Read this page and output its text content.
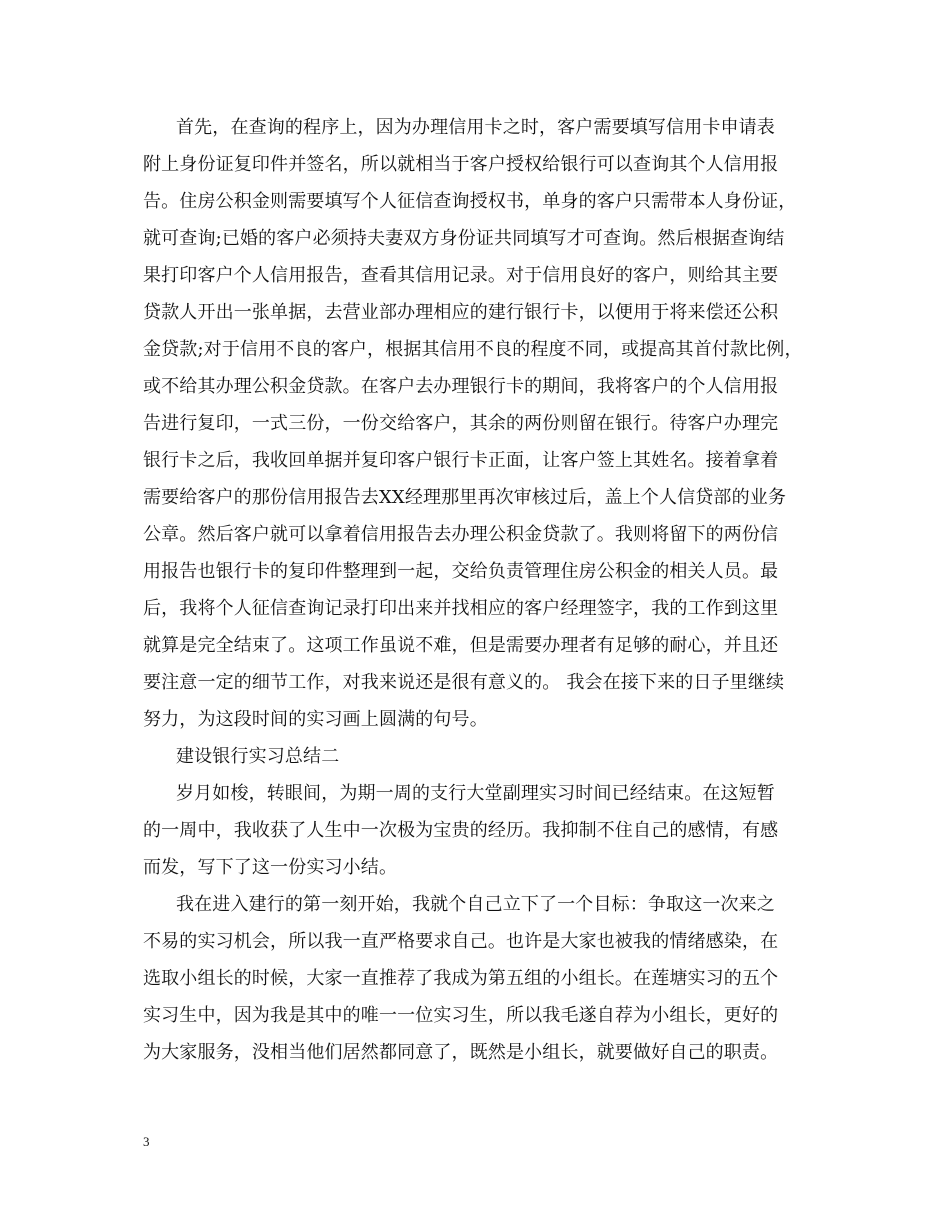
首先，在查询的程序上，因为办理信用卡之时，客户需要填写信用卡申请表
附上身份证复印件并签名，所以就相当于客户授权给银行可以查询其个人信用报
告。住房公积金则需要填写个人征信查询授权书，单身的客户只需带本人身份证，
就可查询;已婚的客户必须持夫妻双方身份证共同填写才可查询。然后根据查询结
果打印客户个人信用报告，查看其信用记录。对于信用良好的客户，则给其主要
贷款人开出一张单据，去营业部办理相应的建行银行卡，以便用于将来偿还公积
金贷款;对于信用不良的客户，根据其信用不良的程度不同，或提高其首付款比例，
或不给其办理公积金贷款。在客户去办理银行卡的期间，我将客户的个人信用报
告进行复印，一式三份，一份交给客户，其余的两份则留在银行。待客户办理完
银行卡之后，我收回单据并复印客户银行卡正面，让客户签上其姓名。接着拿着
需要给客户的那份信用报告去XX经理那里再次审核过后，盖上个人信贷部的业务
公章。然后客户就可以拿着信用报告去办理公积金贷款了。我则将留下的两份信
用报告也银行卡的复印件整理到一起，交给负责管理住房公积金的相关人员。最
后，我将个人征信查询记录打印出来并找相应的客户经理签字，我的工作到这里
就算是完全结束了。这项工作虽说不难，但是需要办理者有足够的耐心，并且还
要注意一定的细节工作，对我来说还是很有意义的。 我会在接下来的日子里继续
努力，为这段时间的实习画上圆满的句号。
建设银行实习总结二
岁月如梭，转眼间，为期一周的支行大堂副理实习时间已经结束。在这短暂
的一周中，我收获了人生中一次极为宝贵的经历。我抑制不住自己的感情，有感
而发，写下了这一份实习小结。
我在进入建行的第一刻开始，我就个自己立下了一个目标：争取这一次来之
不易的实习机会，所以我一直严格要求自己。也许是大家也被我的情绪感染，在
选取小组长的时候，大家一直推荐了我成为第五组的小组长。在莲塘实习的五个
实习生中，因为我是其中的唯一一位实习生，所以我毛遂自荐为小组长，更好的
为大家服务，没相当他们居然都同意了，既然是小组长，就要做好自己的职责。
3
